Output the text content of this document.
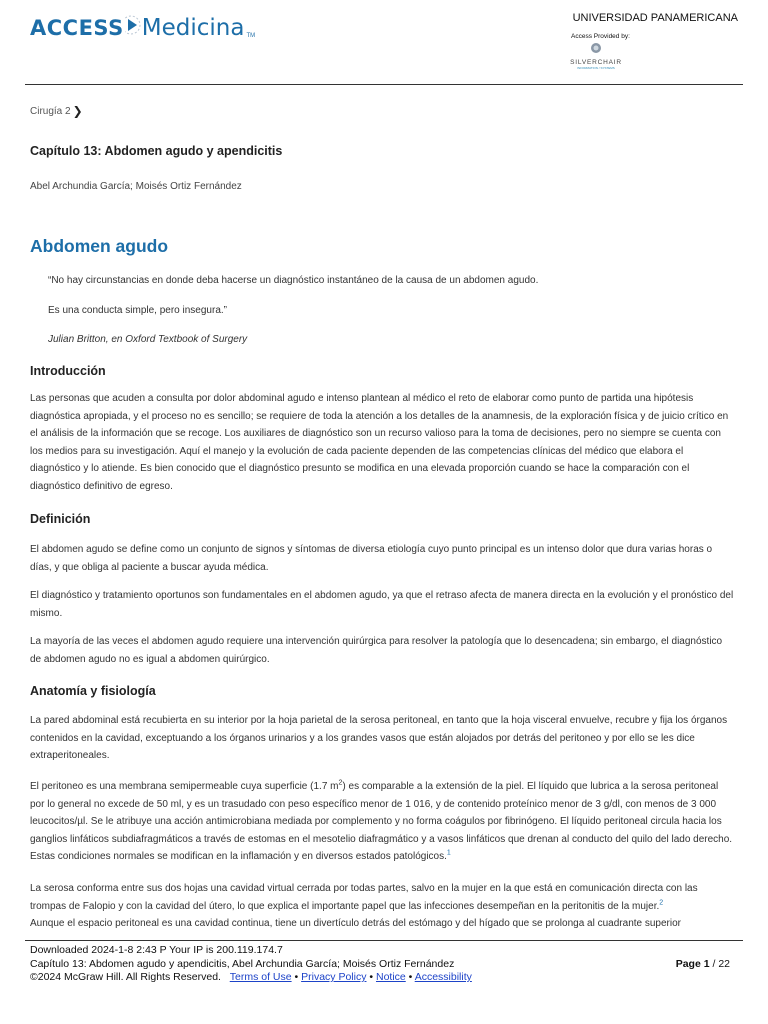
ACCESS Medicina TM
UNIVERSIDAD PANAMERICANA
Access Provided by:
SILVERCHAIR
INFORMATION / SYSTEMS
Cirugía 2 ❯
Capítulo 13: Abdomen agudo y apendicitis
Abel Archundia García; Moisés Ortiz Fernández
Abdomen agudo
“No hay circunstancias en donde deba hacerse un diagnóstico instantáneo de la causa de un abdomen agudo.
Es una conducta simple, pero insegura.”
Julian Britton, en Oxford Textbook of Surgery
Introducción

Las personas que acuden a consulta por dolor abdominal agudo e intenso plantean al médico el reto de elaborar como punto de partida una hipótesis diagnóstica apropiada, y el proceso no es sencillo; se requiere de toda la atención a los detalles de la anamnesis, de la exploración física y de juicio crítico en el análisis de la información que se recoge. Los auxiliares de diagnóstico son un recurso valioso para la toma de decisiones, pero no siempre se cuenta con los medios para su investigación. Aquí el manejo y la evolución de cada paciente dependen de las competencias clínicas del médico que elabora el diagnóstico y lo atiende. Es bien conocido que el diagnóstico presunto se modifica en una elevada proporción cuando se hace la comparación con el diagnóstico definitivo de egreso.

Definición

El abdomen agudo se define como un conjunto de signos y síntomas de diversa etiología cuyo punto principal es un intenso dolor que dura varias horas o días, y que obliga al paciente a buscar ayuda médica.

El diagnóstico y tratamiento oportunos son fundamentales en el abdomen agudo, ya que el retraso afecta de manera directa en la evolución y el pronóstico del mismo.

La mayoría de las veces el abdomen agudo requiere una intervención quirúrgica para resolver la patología que lo desencadena; sin embargo, el diagnóstico de abdomen agudo no es igual a abdomen quirúrgico.

Anatomía y fisiología

La pared abdominal está recubierta en su interior por la hoja parietal de la serosa peritoneal, en tanto que la hoja visceral envuelve, recubre y fija los órganos contenidos en la cavidad, exceptuando a los órganos urinarios y a los grandes vasos que están alojados por detrás del peritoneo y por ello se les dice extraperitoneales.

El peritoneo es una membrana semipermeable cuya superficie (1.7 $m^2$) es comparable a la extensión de la piel. El líquido que lubrica a la serosa peritoneal por lo general no excede de 50 ml, y es un trasudado con peso específico menor de 1 016, y de contenido proteínico menor de 3 g/dl, con menos de 3 000 leucocitos/µl. Se le atribuye una acción antimicrobiana mediada por complemento y no forma coágulos por fibrinógeno. El líquido peritoneal circula hacia los ganglios linfáticos subdiafragmáticos a través de estomas en el mesotelio diafragmático y a vasos linfáticos que drenan al conducto del quilo del lado derecho. Estas condiciones normales se modifican en la inflamación y en diversos estados patológicos.$^1$

La serosa conforma entre sus dos hojas una cavidad virtual cerrada por todas partes, salvo en la mujer en la que está en comunicación directa con las trompas de Falopio y con la cavidad del útero, lo que explica el importante papel que las infecciones desempeñan en la peritonitis de la mujer.$^2$
Aunque el espacio peritoneal es una cavidad continua, tiene un divertículo detrás del estómago y del hígado que se prolonga al cuadrante superior

Downloaded 2024-1-8 2:43 P Your IP is 200.119.174.7
Capítulo 13: Abdomen agudo y apendicitis, Abel Archundia García; Moisés Ortiz Fernández
©2024 McGraw Hill. All Rights Reserved. Terms of Use • Privacy Policy • Notice • Accessibility
Page 1 / 22
